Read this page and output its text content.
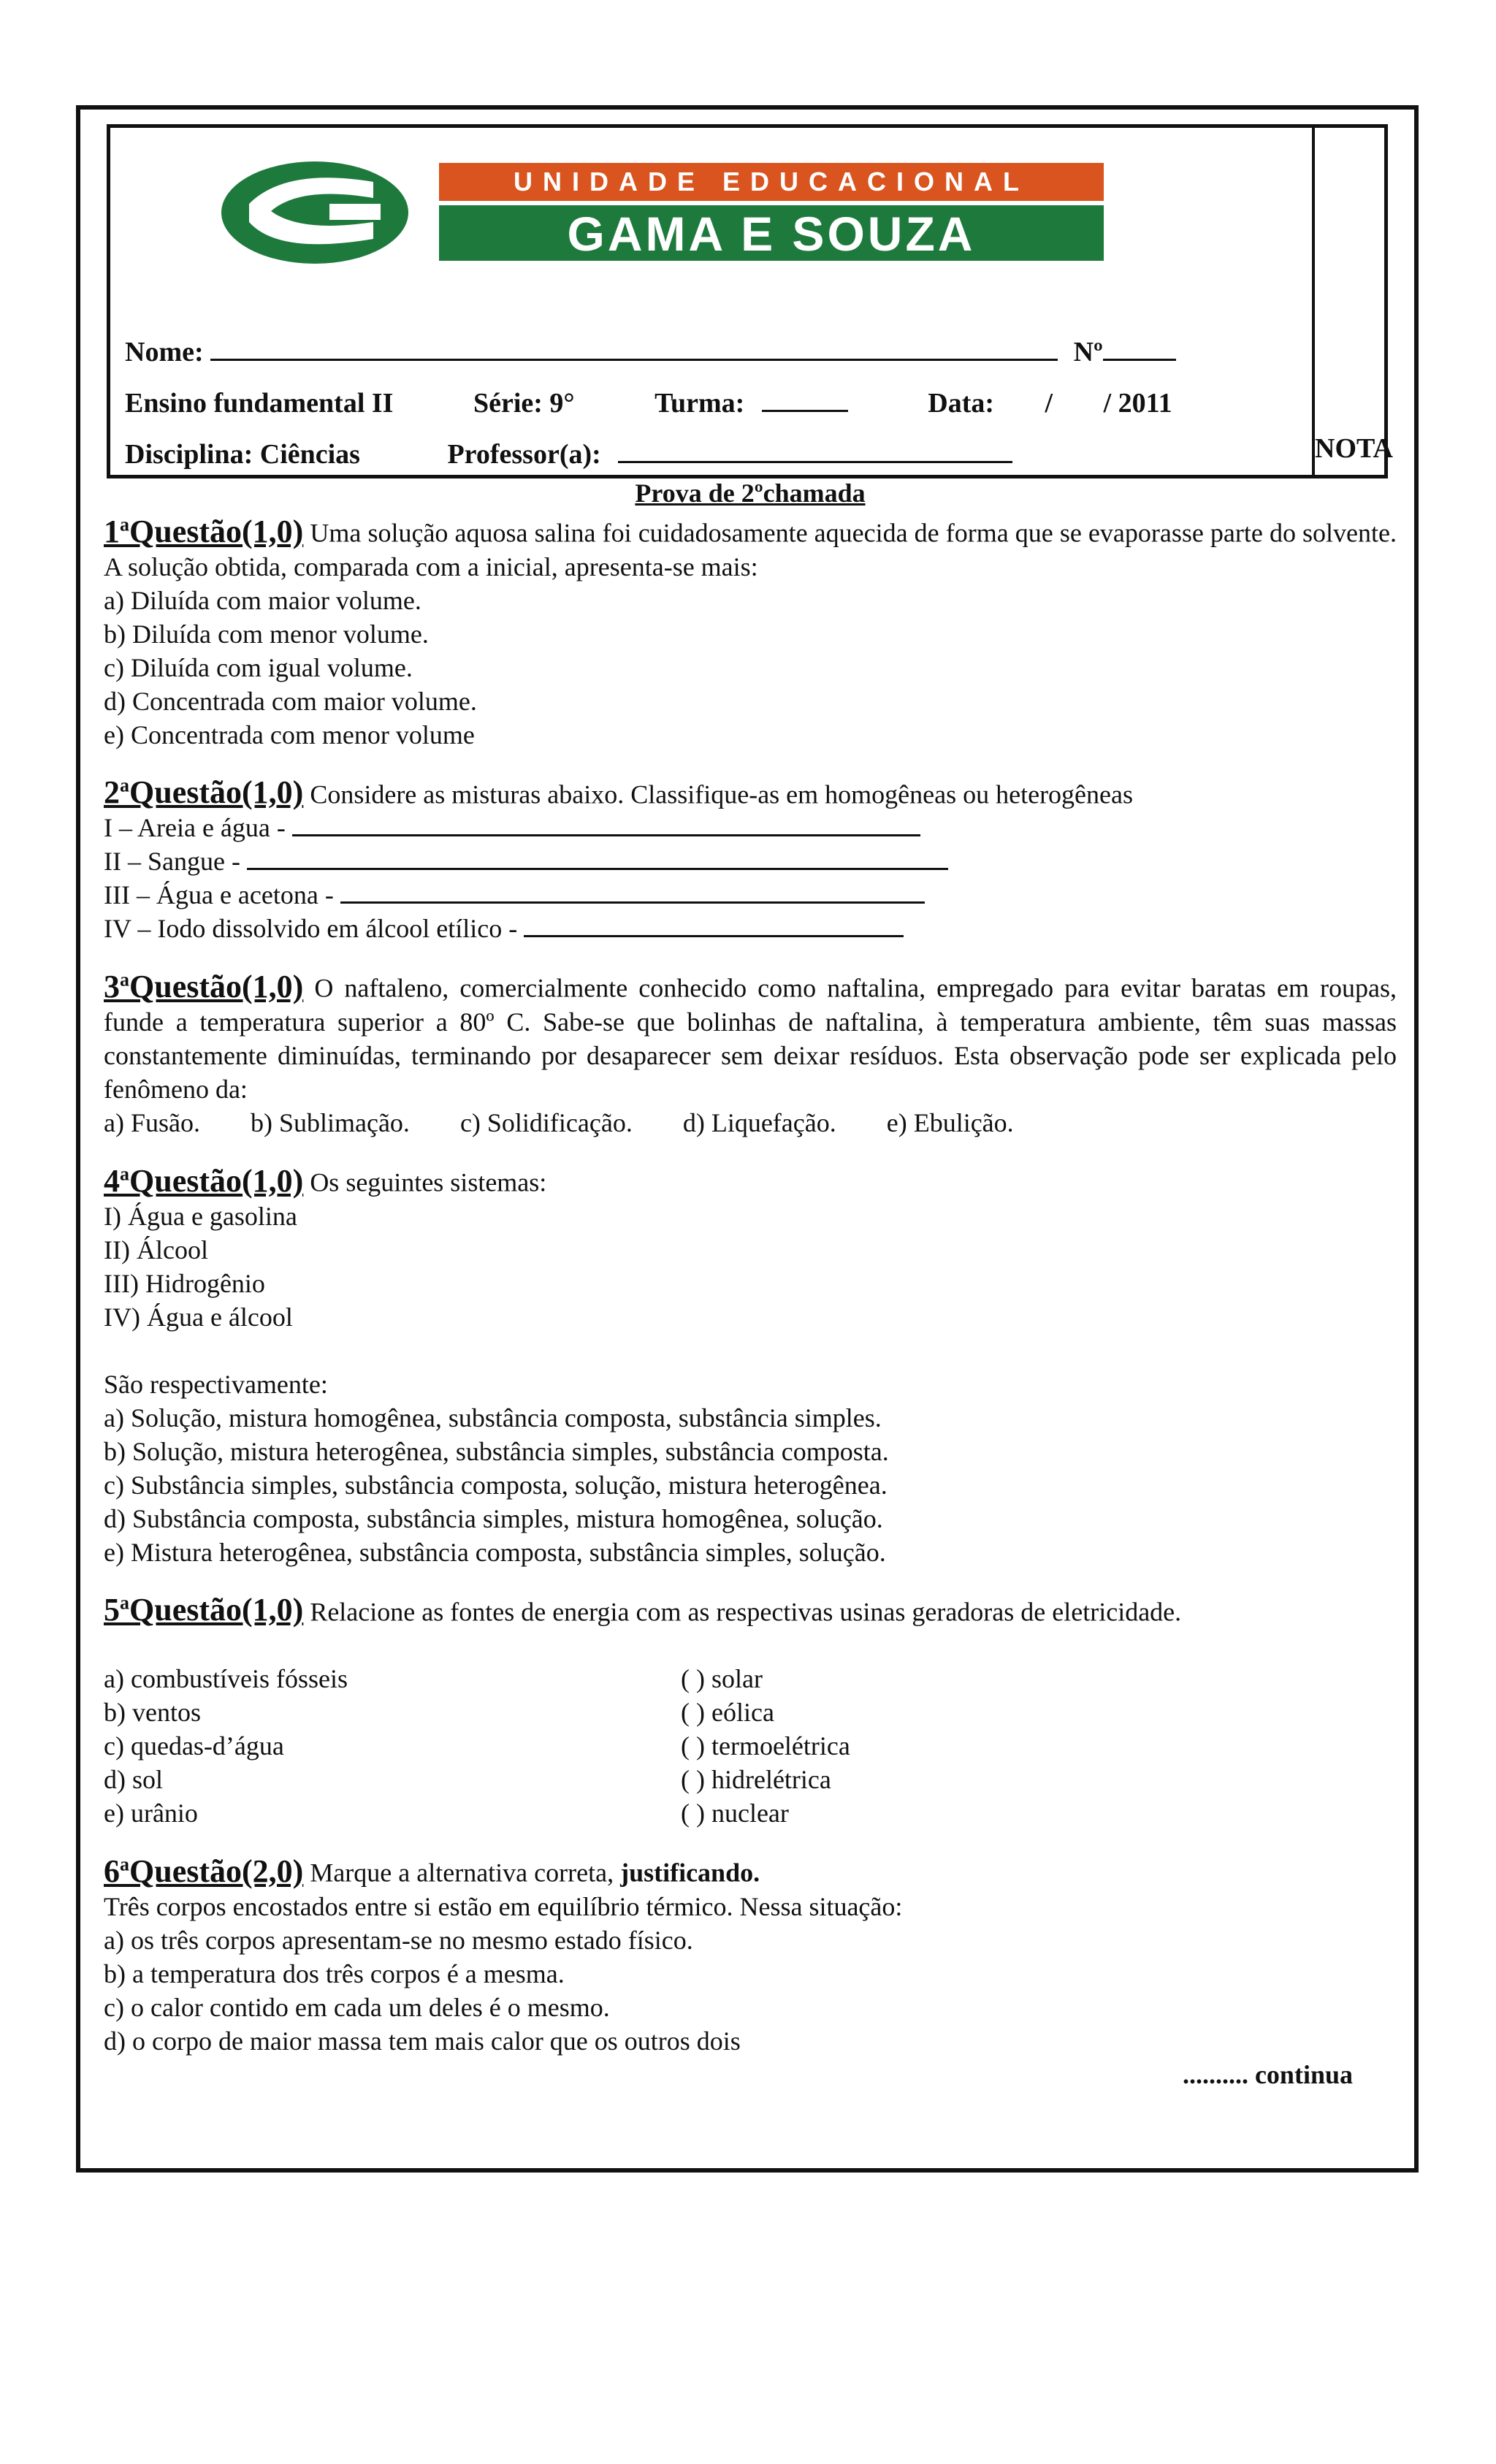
UNIDADE EDUCACIONAL
GAMA E SOUZA
Nome:	Nº
Ensino fundamental II	Série: 9°	Turma:	Data: / / 2011
Disciplina: Ciências	Professor(a):	NOTA
Prova de 2ºchamada
1$^a$Questão(1,0) Uma solução aquosa salina foi cuidadosamente aquecida de forma que se evaporasse parte do solvente. A solução obtida, comparada com a inicial, apresenta-se mais:
a) Diluída com maior volume.
b) Diluída com menor volume.
c) Diluída com igual volume.
d) Concentrada com maior volume.
e) Concentrada com menor volume
2$^a$Questão(1,0) Considere as misturas abaixo. Classifique-as em homogêneas ou heterogêneas
I – Areia e água -
II – Sangue -
III – Água e acetona -
IV – Iodo dissolvido em álcool etílico -
3$^a$Questão(1,0) O naftaleno, comercialmente conhecido como naftalina, empregado para evitar baratas em roupas, funde a temperatura superior a 80º C. Sabe-se que bolinhas de naftalina, à temperatura ambiente, têm suas massas constantemente diminuídas, terminando por desaparecer sem deixar resíduos. Esta observação pode ser explicada pelo fenômeno da:
a) Fusão. b) Sublimação. c) Solidificação. d) Liquefação. e) Ebulição.
4$^a$Questão(1,0) Os seguintes sistemas:
I) Água e gasolina
II) Álcool
III) Hidrogênio
IV) Água e álcool
São respectivamente:
a) Solução, mistura homogênea, substância composta, substância simples.
b) Solução, mistura heterogênea, substância simples, substância composta.
c) Substância simples, substância composta, solução, mistura heterogênea.
d) Substância composta, substância simples, mistura homogênea, solução.
e) Mistura heterogênea, substância composta, substância simples, solução.
5$^a$Questão(1,0) Relacione as fontes de energia com as respectivas usinas geradoras de eletricidade.
a) combustíveis fósseis	( ) solar
b) ventos	( ) eólica
c) quedas-d’água	( ) termoelétrica
d) sol	( ) hidrelétrica
e) urânio	( ) nuclear
6$^a$Questão(2,0) Marque a alternativa correta, justificando.
Três corpos encostados entre si estão em equilíbrio térmico. Nessa situação:
a) os três corpos apresentam-se no mesmo estado físico.
b) a temperatura dos três corpos é a mesma.
c) o calor contido em cada um deles é o mesmo.
d) o corpo de maior massa tem mais calor que os outros dois
.......... continua
